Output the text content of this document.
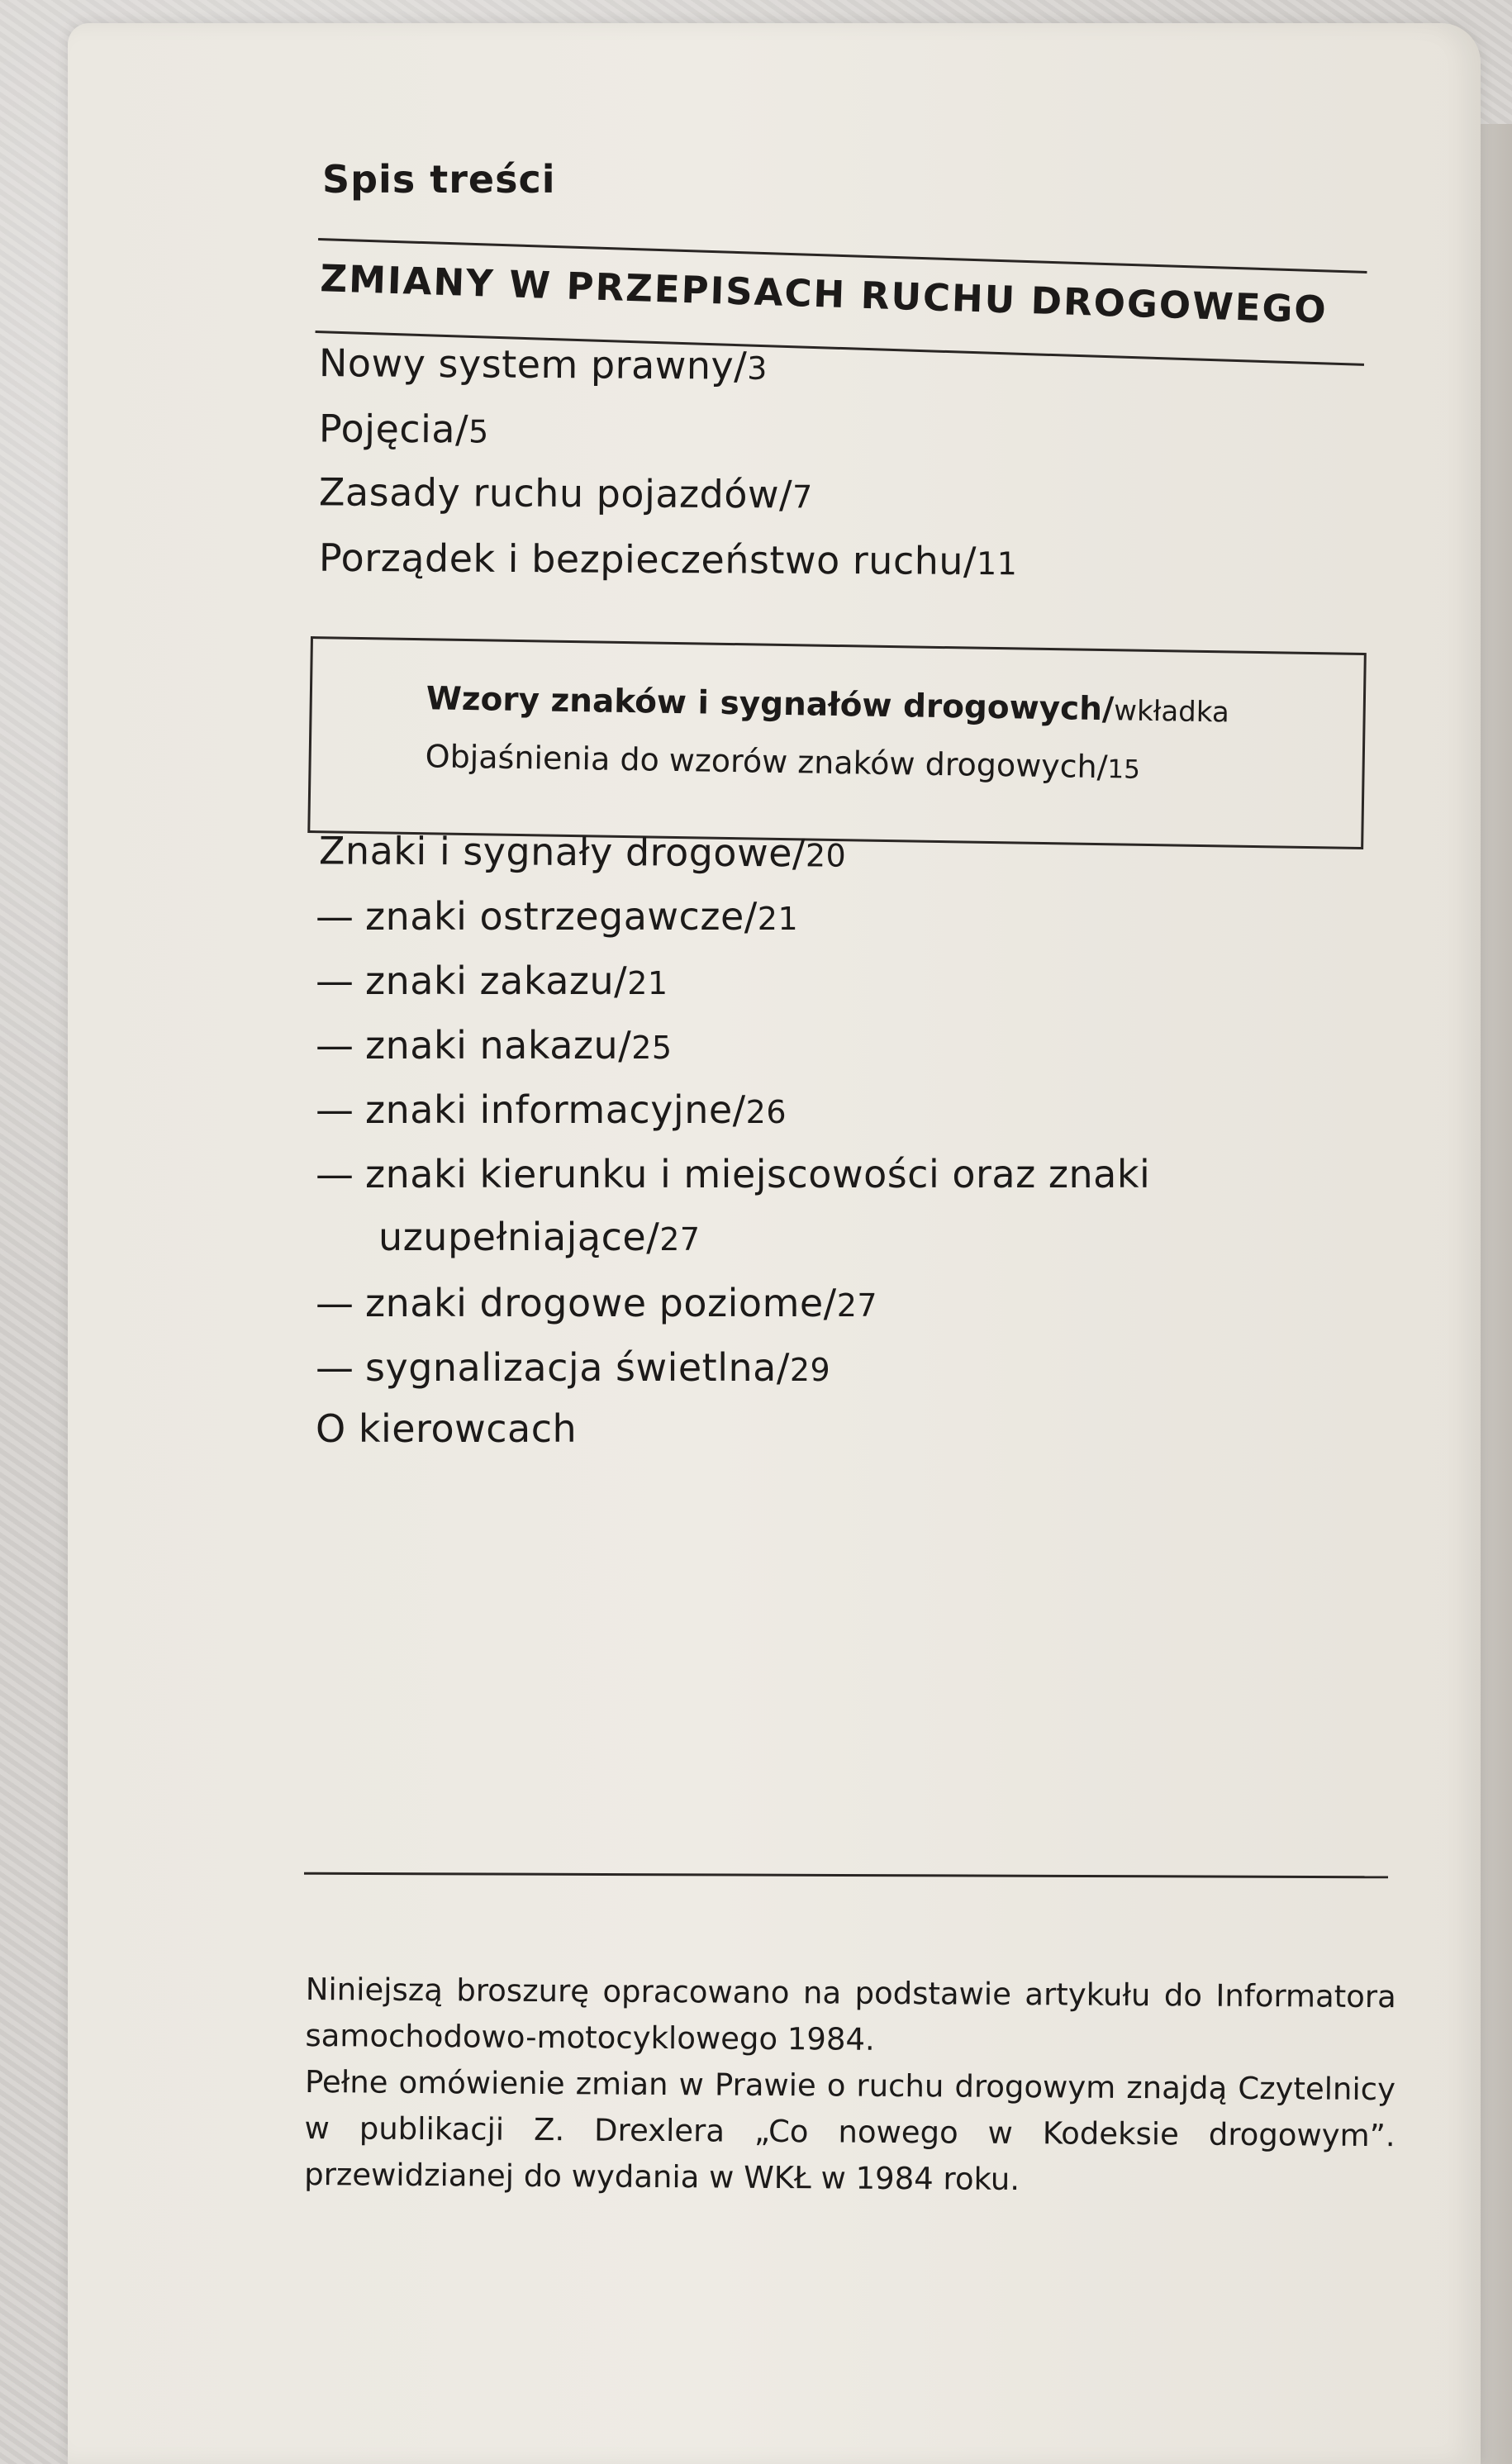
Spis treści
ZMIANY W PRZEPISACH RUCHU DROGOWEGO
Nowy system prawny/3
Pojęcia/5
Zasady ruchu pojazdów/7
Porządek i bezpieczeństwo ruchu/11
Wzory znaków i sygnałów drogowych/wkładka
Objaśnienia do wzorów znaków drogowych/15
Znaki i sygnały drogowe/20
— znaki ostrzegawcze/21
— znaki zakazu/21
— znaki nakazu/25
— znaki informacyjne/26
— znaki kierunku i miejscowości oraz znaki
uzupełniające/27
— znaki drogowe poziome/27
— sygnalizacja świetlna/29
O kierowcach

Niniejszą broszurę opracowano na podstawie artykułu do Informatora

samochodowo-motocyklowego 1984.

Pełne omówienie zmian w Prawie o ruchu drogowym znajdą Czytelnicy

w publikacji Z. Drexlera „Co nowego w Kodeksie drogowym”.

przewidzianej do wydania w WKŁ w 1984 roku.
